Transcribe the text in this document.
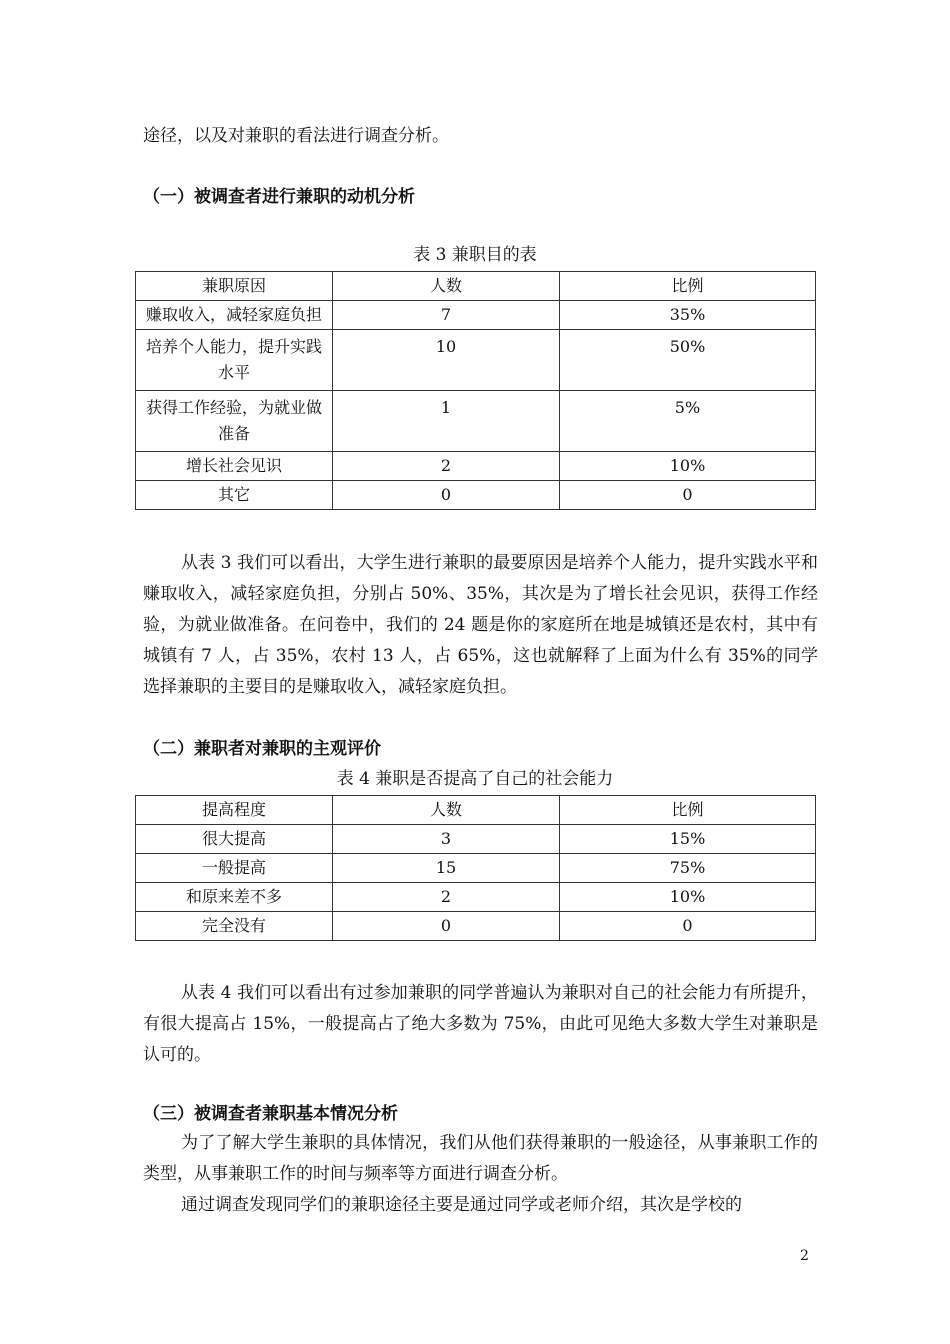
途径，以及对兼职的看法进行调查分析。
（一）被调查者进行兼职的动机分析
表 3 兼职目的表
兼职原因	人数	比例
赚取收入，减轻家庭负担	7	35%
培养个人能力，提升实践水平	10	50%
获得工作经验，为就业做准备	1	5%
增长社会见识	2	10%
其它	0	0

从表 3 我们可以看出，大学生进行兼职的最要原因是培养个人能力，提升实践水平和赚取收入，减轻家庭负担，分别占 50%、35%，其次是为了增长社会见识，获得工作经验，为就业做准备。在问卷中，我们的 24 题是你的家庭所在地是城镇还是农村，其中有城镇有 7 人，占 35%，农村 13 人，占 65%，这也就解释了上面为什么有 35%的同学选择兼职的主要目的是赚取收入，减轻家庭负担。

（二）兼职者对兼职的主观评价
表 4 兼职是否提高了自己的社会能力
提高程度	人数	比例
很大提高	3	15%
一般提高	15	75%
和原来差不多	2	10%
完全没有	0	0

从表 4 我们可以看出有过参加兼职的同学普遍认为兼职对自己的社会能力有所提升，有很大提高占 15%，一般提高占了绝大多数为 75%，由此可见绝大多数大学生对兼职是认可的。

（三）被调查者兼职基本情况分析

为了了解大学生兼职的具体情况，我们从他们获得兼职的一般途径，从事兼职工作的类型，从事兼职工作的时间与频率等方面进行调查分析。

通过调查发现同学们的兼职途径主要是通过同学或老师介绍，其次是学校的

2
